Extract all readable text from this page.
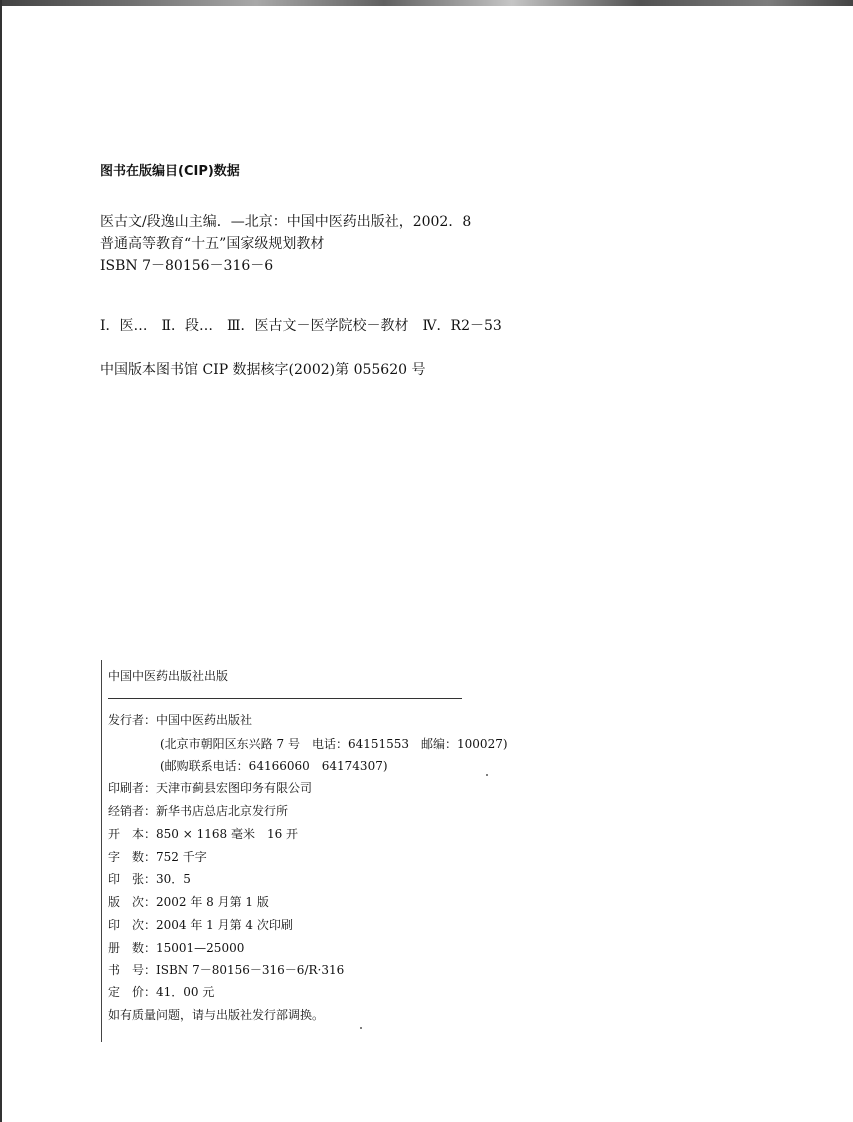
图书在版编目(CIP)数据
医古文/段逸山主编．—北京：中国中医药出版社，2002．8
普通高等教育“十五”国家级规划教材
ISBN 7－80156－316－6
Ⅰ．医…　Ⅱ．段…　Ⅲ．医古文－医学院校－教材　Ⅳ．R2－53
中国版本图书馆 CIP 数据核字(2002)第 055620 号
中国中医药出版社出版
发行者：中国中医药出版社
(北京市朝阳区东兴路 7 号　电话：64151553　邮编：100027)
(邮购联系电话：64166060　64174307)
印刷者：天津市蓟县宏图印务有限公司
经销者：新华书店总店北京发行所
开　本：850 × 1168 毫米　16 开
字　数：752 千字
印　张：30．5
版　次：2002 年 8 月第 1 版
印　次：2004 年 1 月第 4 次印刷
册　数：15001—25000
书　号：ISBN 7－80156－316－6/R·316
定　价：41．00 元
如有质量问题，请与出版社发行部调换。
